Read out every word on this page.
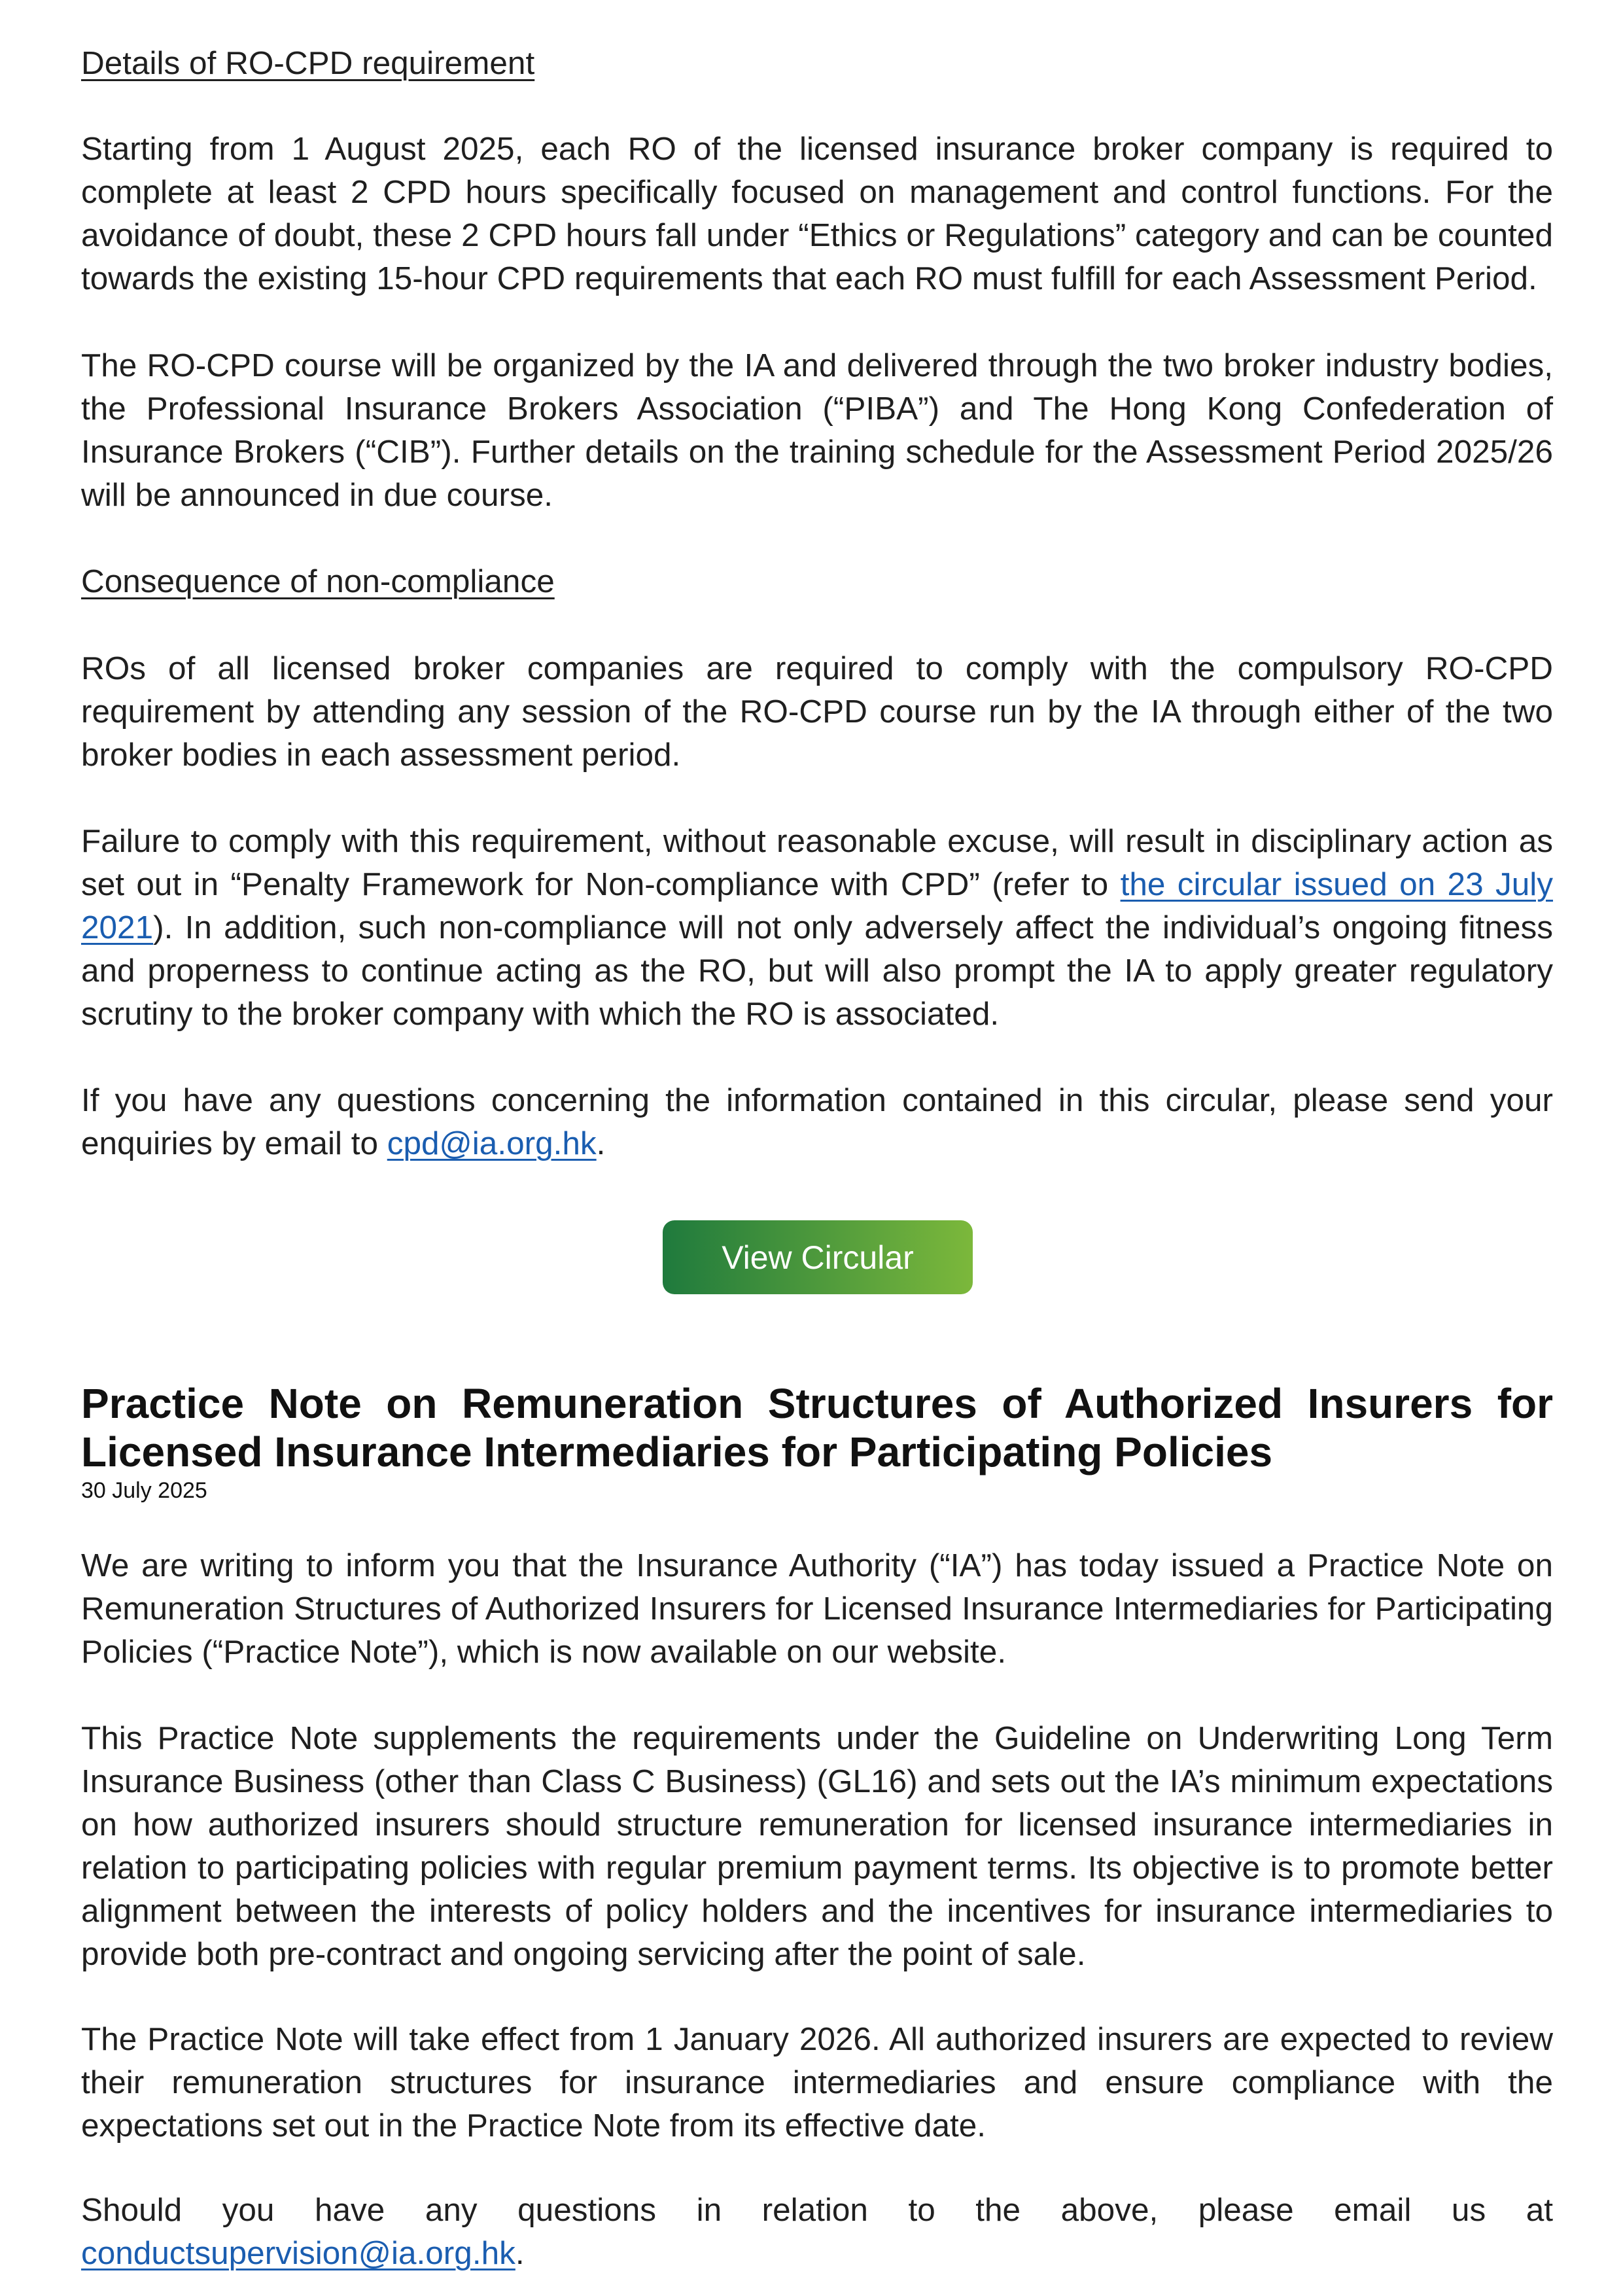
Details of RO-CPD requirement

Starting from 1 August 2025, each RO of the licensed insurance broker company is required to complete at least 2 CPD hours specifically focused on management and control functions. For the avoidance of doubt, these 2 CPD hours fall under “Ethics or Regulations” category and can be counted towards the existing 15-hour CPD requirements that each RO must fulfill for each Assessment Period.

The RO-CPD course will be organized by the IA and delivered through the two broker industry bodies, the Professional Insurance Brokers Association (“PIBA”) and The Hong Kong Confederation of Insurance Brokers (“CIB”). Further details on the training schedule for the Assessment Period 2025/26 will be announced in due course.

Consequence of non-compliance

ROs of all licensed broker companies are required to comply with the compulsory RO-CPD requirement by attending any session of the RO-CPD course run by the IA through either of the two broker bodies in each assessment period.

Failure to comply with this requirement, without reasonable excuse, will result in disciplinary action as set out in “Penalty Framework for Non-compliance with CPD” (refer to the circular issued on 23 July 2021). In addition, such non-compliance will not only adversely affect the individual’s ongoing fitness and properness to continue acting as the RO, but will also prompt the IA to apply greater regulatory scrutiny to the broker company with which the RO is associated.

If you have any questions concerning the information contained in this circular, please send your enquiries by email to cpd@ia.org.hk.

View Circular
Practice Note on Remuneration Structures of Authorized Insurers for Licensed Insurance Intermediaries for Participating Policies

30 July 2025

We are writing to inform you that the Insurance Authority (“IA”) has today issued a Practice Note on Remuneration Structures of Authorized Insurers for Licensed Insurance Intermediaries for Participating Policies (“Practice Note”), which is now available on our website.

This Practice Note supplements the requirements under the Guideline on Underwriting Long Term Insurance Business (other than Class C Business) (GL16) and sets out the IA’s minimum expectations on how authorized insurers should structure remuneration for licensed insurance intermediaries in relation to participating policies with regular premium payment terms. Its objective is to promote better alignment between the interests of policy holders and the incentives for insurance intermediaries to provide both pre-contract and ongoing servicing after the point of sale.

The Practice Note will take effect from 1 January 2026. All authorized insurers are expected to review their remuneration structures for insurance intermediaries and ensure compliance with the expectations set out in the Practice Note from its effective date.

Should you have any questions in relation to the above, please email us at conductsupervision@ia.org.hk.
